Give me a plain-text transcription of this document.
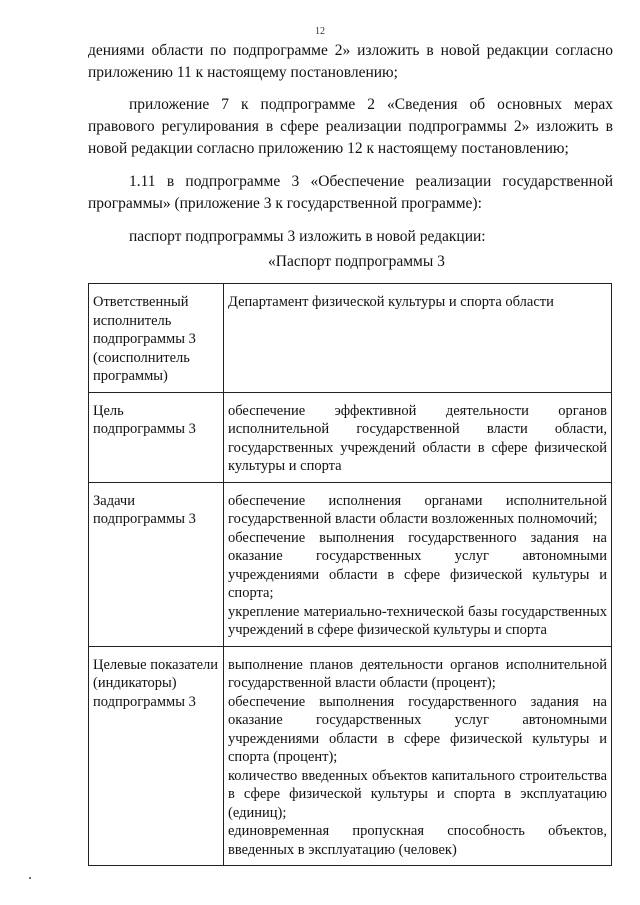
12

дениями области по подпрограмме 2» изложить в новой редакции согласно приложению 11 к настоящему постановлению;

приложение 7 к подпрограмме 2 «Сведения об основных мерах правового регулирования в сфере реализации подпрограммы 2» изложить в новой редакции согласно приложению 12 к настоящему постановлению;

1.11 в подпрограмме 3 «Обеспечение реализации государственной программы» (приложение 3 к государственной программе):

паспорт подпрограммы 3 изложить в новой редакции:

«Паспорт подпрограммы 3

Ответственный исполнитель подпрограммы 3 (соисполнитель программы)	Департамент физической культуры и спорта области

Цель подпрограммы 3	обеспечение эффективной деятельности органов исполнительной государственной власти области, государственных учреждений области в сфере физической культуры и спорта

Задачи подпрограммы 3	обеспечение исполнения органами исполнительной государственной власти области возложенных полномочий;
обеспечение выполнения государственного задания на оказание государственных услуг автономными учреждениями области в сфере физической культуры и спорта;
укрепление материально-технической базы государственных учреждений в сфере физической культуры и спорта

Целевые показатели (индикаторы) подпрограммы 3	выполнение планов деятельности органов исполнительной государственной власти области (процент);
обеспечение выполнения государственного задания на оказание государственных услуг автономными учреждениями области в сфере физической культуры и спорта (процент);
количество введенных объектов капитального строительства в сфере физической культуры и спорта в эксплуатацию (единиц);
единовременная пропускная способность объектов, введенных в эксплуатацию (человек)
